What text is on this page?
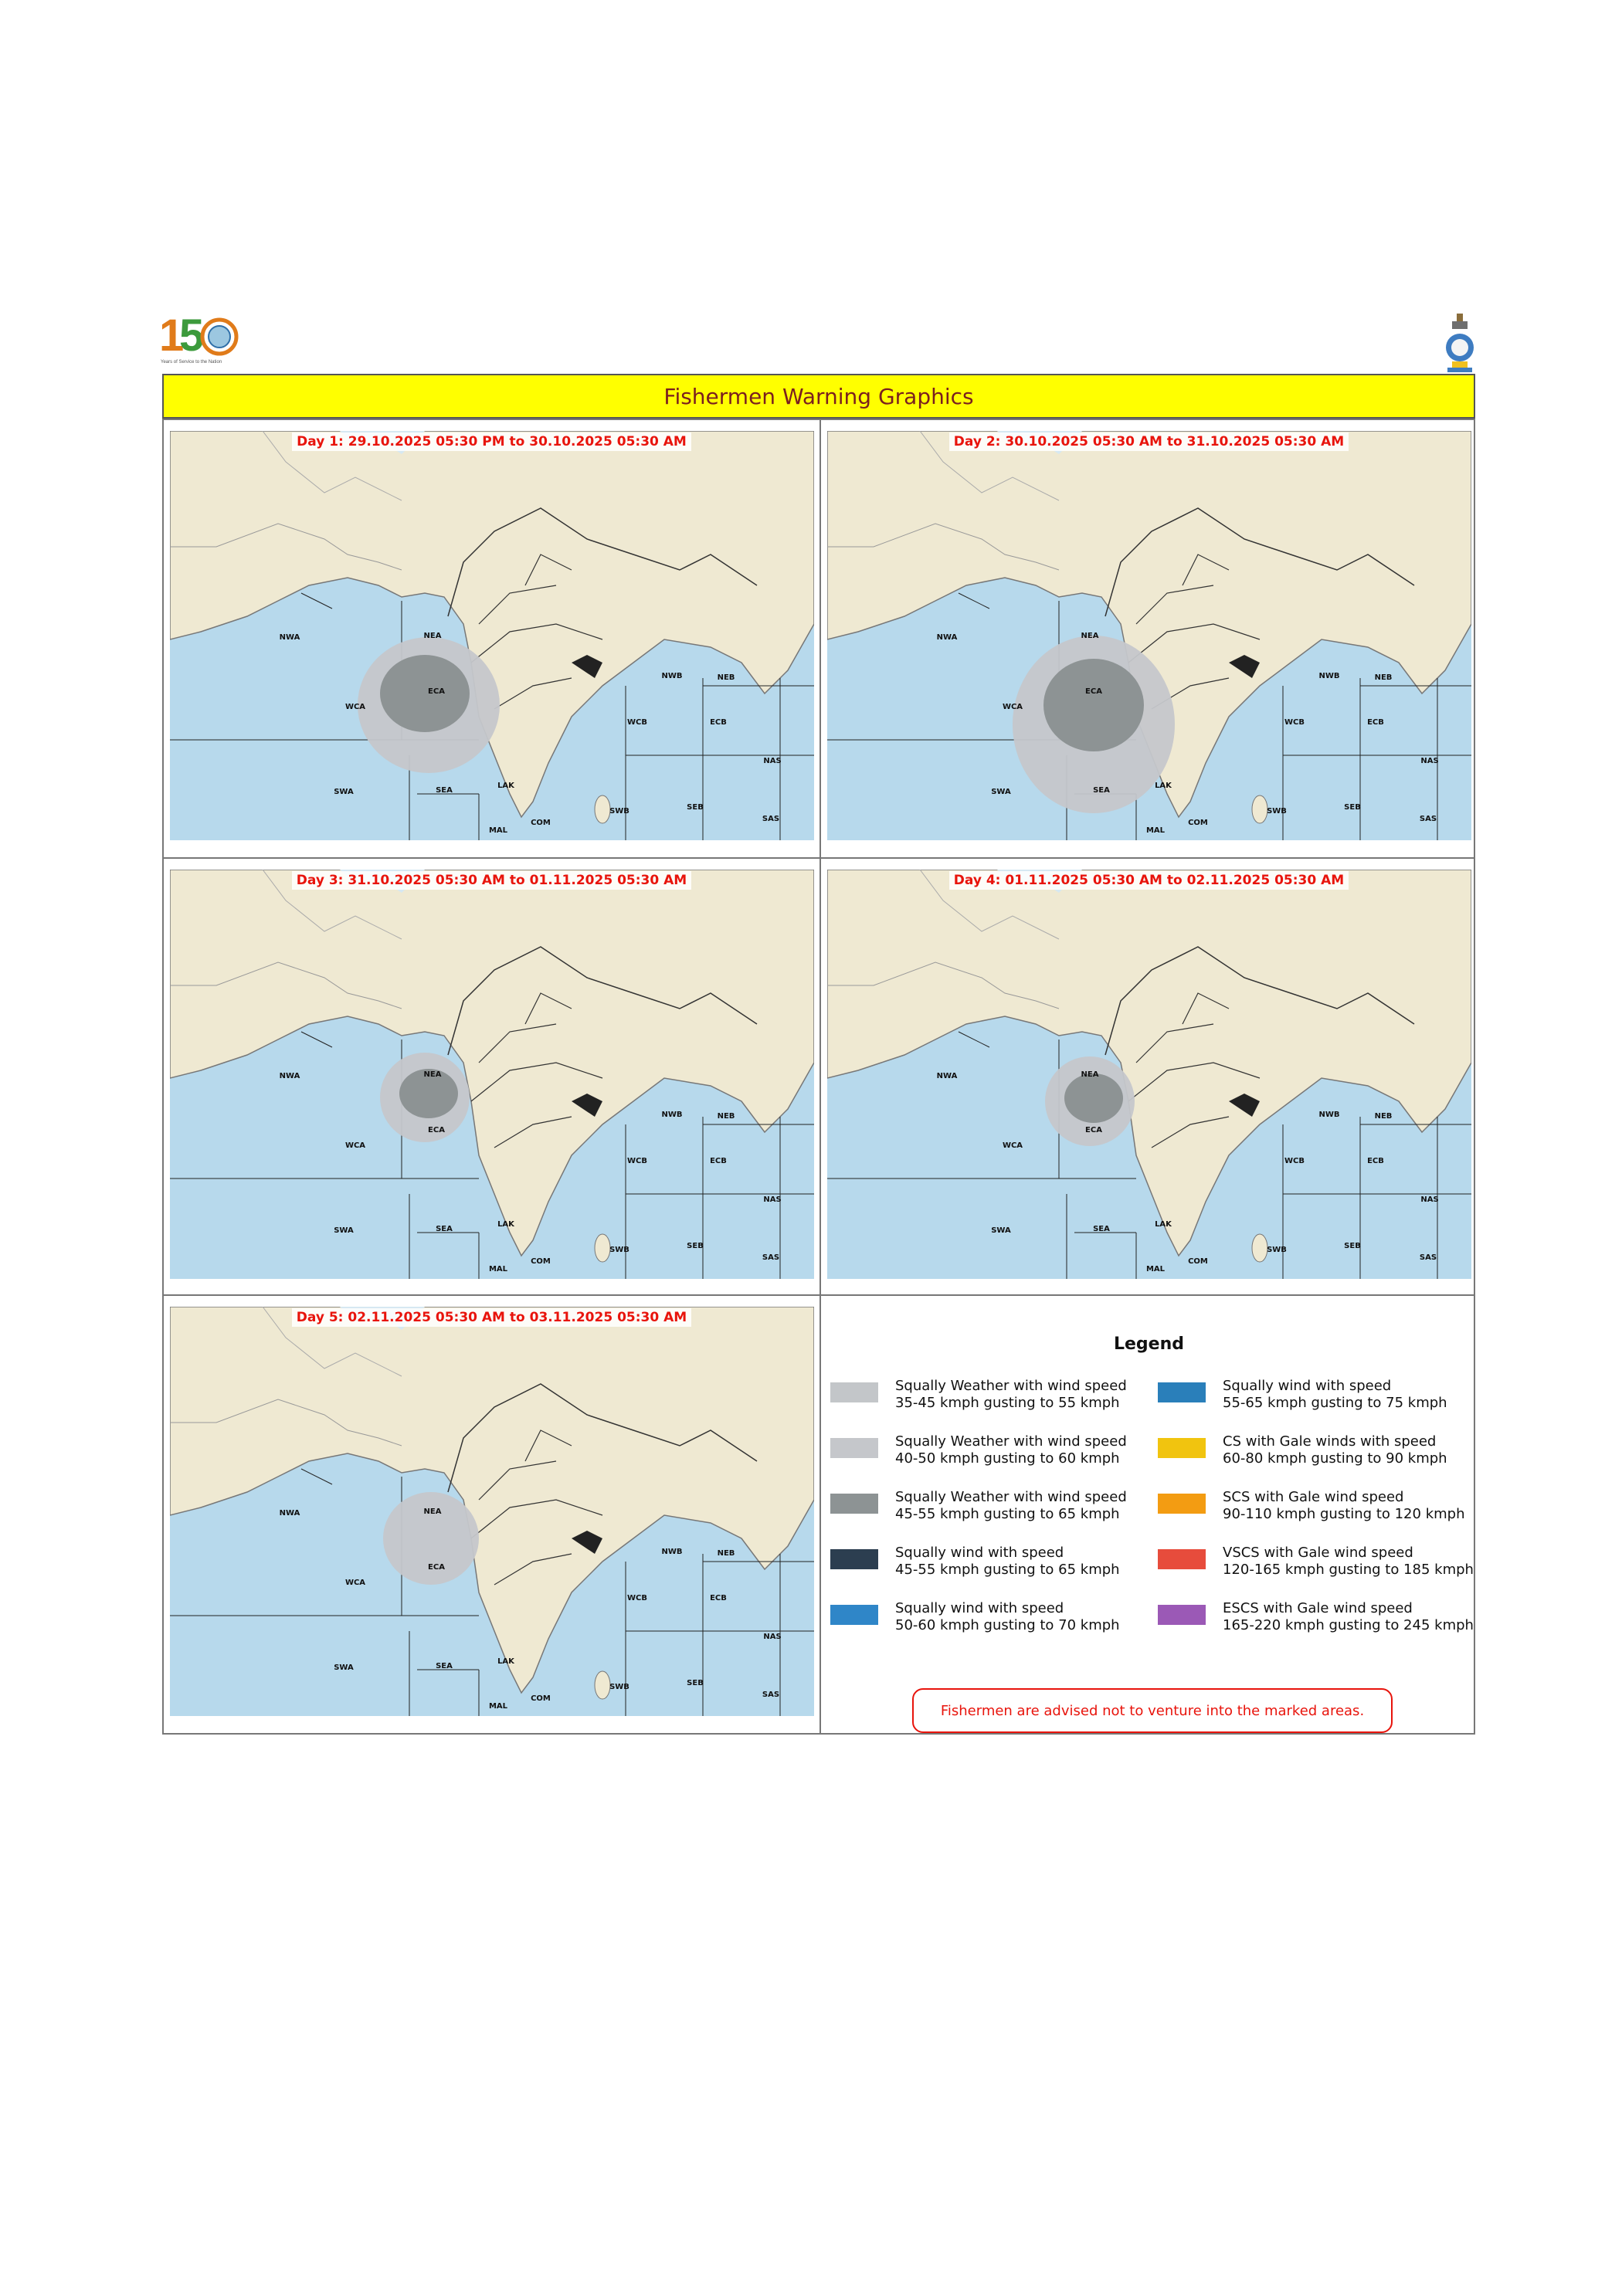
1
5
Years of Service to the Nation
Fishermen Warning Graphics
NWA	NEA
WCA
ECA
SWA	SEA
LAK
MAL
COM
NWB	NEB
WCB	ECB
SWB	SEB
NAS
SAS
Day 1: 29.10.2025 05:30 PM to 30.10.2025 05:30 AM
NWA	NEA
WCA
ECA
SWA	SEA
LAK
MAL
COM
NWB	NEB
WCB	ECB
SWB	SEB
NAS
SAS
Day 2: 30.10.2025 05:30 AM to 31.10.2025 05:30 AM
NWA	NEA
WCA
ECA
SWA	SEA
LAK
MAL
COM
NWB	NEB
WCB	ECB
SWB	SEB
NAS
SAS
Day 3: 31.10.2025 05:30 AM to 01.11.2025 05:30 AM
NWA	NEA
WCA
ECA
SWA	SEA
LAK
MAL
COM
NWB	NEB
WCB	ECB
SWB	SEB
NAS
SAS
Day 4: 01.11.2025 05:30 AM to 02.11.2025 05:30 AM
NWA	NEA
WCA
ECA
SWA	SEA
LAK
MAL
COM
NWB	NEB
WCB	ECB
SWB	SEB
NAS
SAS
Day 5: 02.11.2025 05:30 AM to 03.11.2025 05:30 AM
Legend
Squally Weather with wind speed
35-45 kmph gusting to 55 kmph
Squally Weather with wind speed
40-50 kmph gusting to 60 kmph
Squally Weather with wind speed
45-55 kmph gusting to 65 kmph
Squally wind with speed
45-55 kmph gusting to 65 kmph
Squally wind with speed
50-60 kmph gusting to 70 kmph
Squally wind with speed
55-65 kmph gusting to 75 kmph
CS with Gale winds with speed
60-80 kmph gusting to 90 kmph
SCS with Gale wind speed
90-110 kmph gusting to 120 kmph
VSCS with Gale wind speed
120-165 kmph gusting to 185 kmph
ESCS with Gale wind speed
165-220 kmph gusting to 245 kmph
Fishermen are advised not to venture into the marked areas.
